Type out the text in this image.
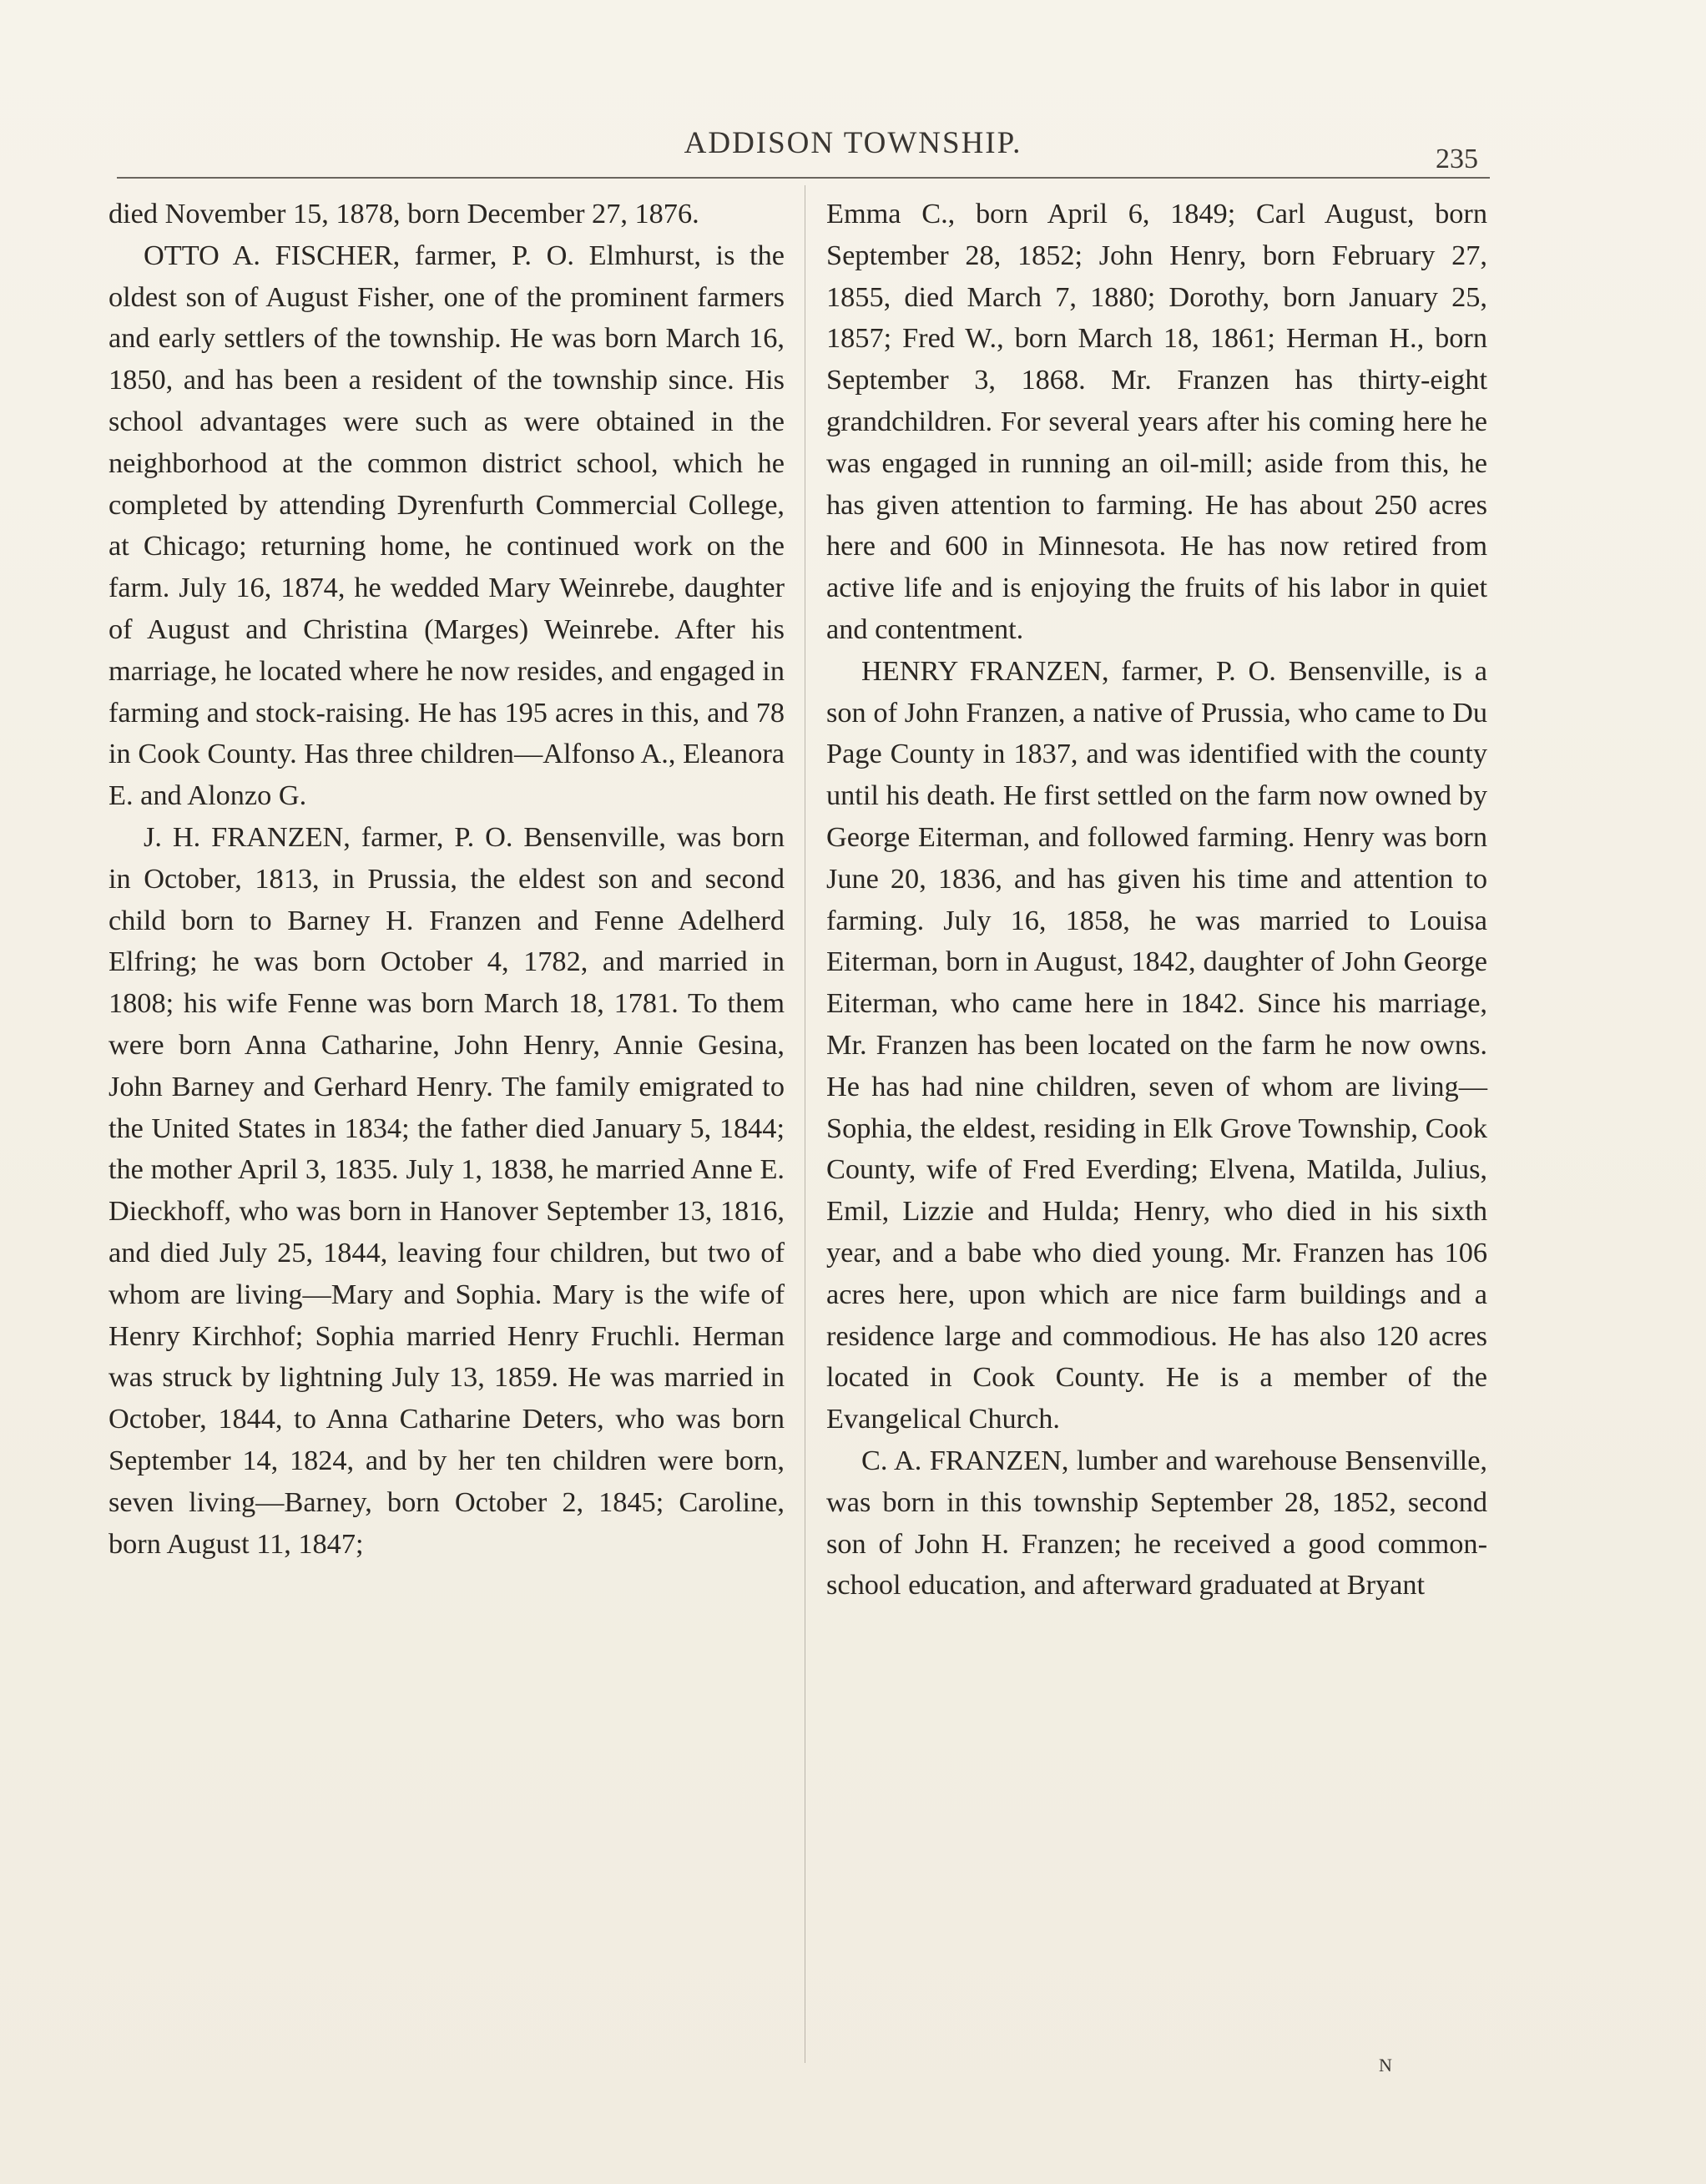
ADDISON TOWNSHIP.	235

died November 15, 1878, born December 27, 1876.

OTTO A. FISCHER, farmer, P. O. Elmhurst, is the oldest son of August Fisher, one of the prominent farmers and early settlers of the township. He was born March 16, 1850, and has been a resident of the township since. His school advantages were such as were obtained in the neighborhood at the common district school, which he completed by attending Dyrenfurth Commercial College, at Chicago; returning home, he continued work on the farm. July 16, 1874, he wedded Mary Weinrebe, daughter of August and Christina (Marges) Weinrebe. After his marriage, he located where he now resides, and engaged in farming and stock-raising. He has 195 acres in this, and 78 in Cook County. Has three children—Alfonso A., Eleanora E. and Alonzo G.

J. H. FRANZEN, farmer, P. O. Bensenville, was born in October, 1813, in Prussia, the eldest son and second child born to Barney H. Franzen and Fenne Adelherd Elfring; he was born October 4, 1782, and married in 1808; his wife Fenne was born March 18, 1781. To them were born Anna Catharine, John Henry, Annie Gesina, John Barney and Gerhard Henry. The family emigrated to the United States in 1834; the father died January 5, 1844; the mother April 3, 1835. July 1, 1838, he married Anne E. Dieckhoff, who was born in Hanover September 13, 1816, and died July 25, 1844, leaving four children, but two of whom are living—Mary and Sophia. Mary is the wife of Henry Kirchhof; Sophia married Henry Fruchli. Herman was struck by lightning July 13, 1859. He was married in October, 1844, to Anna Catharine Deters, who was born September 14, 1824, and by her ten children were born, seven living—Barney, born October 2, 1845; Caroline, born August 11, 1847;

Emma C., born April 6, 1849; Carl August, born September 28, 1852; John Henry, born February 27, 1855, died March 7, 1880; Dorothy, born January 25, 1857; Fred W., born March 18, 1861; Herman H., born September 3, 1868. Mr. Franzen has thirty-eight grandchildren. For several years after his coming here he was engaged in running an oil-mill; aside from this, he has given attention to farming. He has about 250 acres here and 600 in Minnesota. He has now retired from active life and is enjoying the fruits of his labor in quiet and contentment.

HENRY FRANZEN, farmer, P. O. Bensenville, is a son of John Franzen, a native of Prussia, who came to Du Page County in 1837, and was identified with the county until his death. He first settled on the farm now owned by George Eiterman, and followed farming. Henry was born June 20, 1836, and has given his time and attention to farming. July 16, 1858, he was married to Louisa Eiterman, born in August, 1842, daughter of John George Eiterman, who came here in 1842. Since his marriage, Mr. Franzen has been located on the farm he now owns. He has had nine children, seven of whom are living—Sophia, the eldest, residing in Elk Grove Township, Cook County, wife of Fred Everding; Elvena, Matilda, Julius, Emil, Lizzie and Hulda; Henry, who died in his sixth year, and a babe who died young. Mr. Franzen has 106 acres here, upon which are nice farm buildings and a residence large and commodious. He has also 120 acres located in Cook County. He is a member of the Evangelical Church.

C. A. FRANZEN, lumber and warehouse Bensenville, was born in this township September 28, 1852, second son of John H. Franzen; he received a good common-school education, and afterward graduated at Bryant

N
